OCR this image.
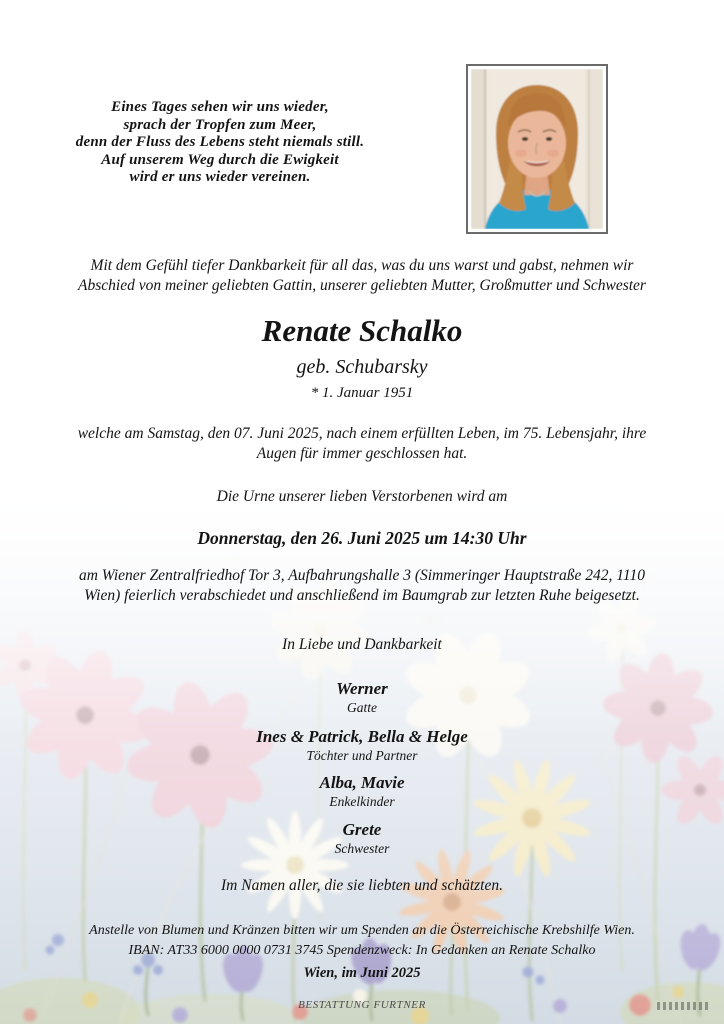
Eines Tages sehen wir uns wieder,
sprach der Tropfen zum Meer,
denn der Fluss des Lebens steht niemals still.
Auf unserem Weg durch die Ewigkeit
wird er uns wieder vereinen.
Mit dem Gefühl tiefer Dankbarkeit für all das, was du uns warst und gabst, nehmen wir Abschied von meiner geliebten Gattin, unserer geliebten Mutter, Großmutter und Schwester
Renate Schalko
geb. Schubarsky
* 1. Januar 1951
welche am Samstag, den 07. Juni 2025, nach einem erfüllten Leben, im 75. Lebensjahr, ihre Augen für immer geschlossen hat.
Die Urne unserer lieben Verstorbenen wird am
Donnerstag, den 26. Juni 2025 um 14:30 Uhr
am Wiener Zentralfriedhof Tor 3, Aufbahrungshalle 3 (Simmeringer Hauptstraße 242, 1110 Wien) feierlich verabschiedet und anschließend im Baumgrab zur letzten Ruhe beigesetzt.
In Liebe und Dankbarkeit
Werner
Gatte
Ines & Patrick, Bella & Helge
Töchter und Partner
Alba, Mavie
Enkelkinder
Grete
Schwester
Im Namen aller, die sie liebten und schätzten.
Anstelle von Blumen und Kränzen bitten wir um Spenden an die Österreichische Krebshilfe Wien.
IBAN: AT33 6000 0000 0731 3745 Spendenzweck: In Gedanken an Renate Schalko
Wien, im Juni 2025
BESTATTUNG FURTNER
